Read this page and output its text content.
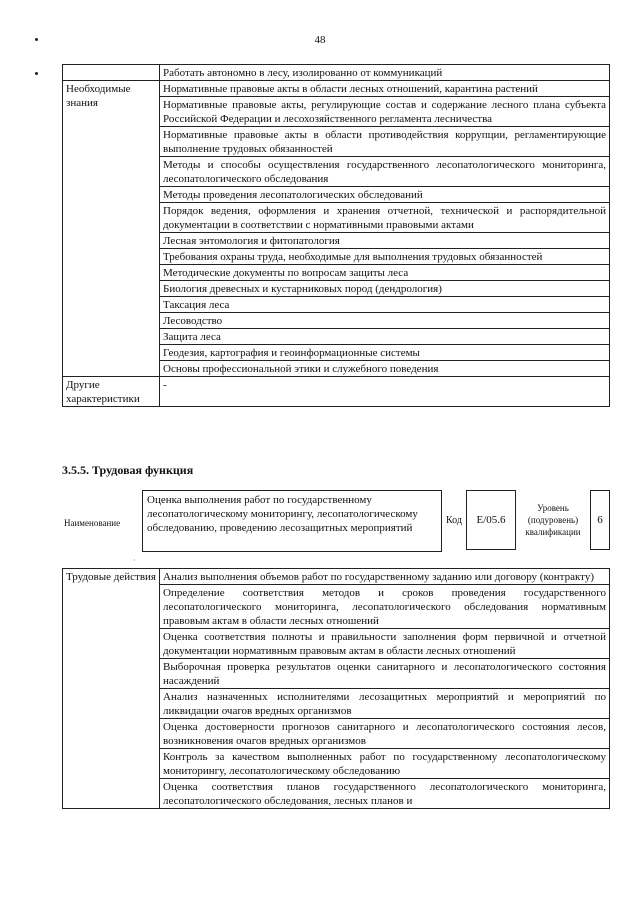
48
	Работать автономно в лесу, изолированно от коммуникаций
Необходимые знания	Нормативные правовые акты в области лесных отношений, карантина растений
	Нормативные правовые акты, регулирующие состав и содержание лесного плана субъекта Российской Федерации и лесохозяйственного регламента лесничества
	Нормативные правовые акты в области противодействия коррупции, регламентирующие выполнение трудовых обязанностей
	Методы и способы осуществления государственного лесопатологического мониторинга, лесопатологического обследования
	Методы проведения лесопатологических обследований
	Порядок ведения, оформления и хранения отчетной, технической и распорядительной документации в соответствии с нормативными правовыми актами
	Лесная энтомология и фитопатология
	Требования охраны труда, необходимые для выполнения трудовых обязанностей
	Методические документы по вопросам защиты леса
	Биология древесных и кустарниковых пород (дендрология)
	Таксация леса
	Лесоводство
	Защита леса
	Геодезия, картография и геоинформационные системы
	Основы профессиональной этики и служебного поведения
Другие характеристики	-
3.5.5. Трудовая функция
Наименование
Оценка выполнения работ по государственному лесопатологическому мониторингу, лесопатологическому обследованию, проведению лесозащитных мероприятий
Код	E/05.6
Уровень (подуровень) квалификации
6
·
Трудовые действия	Анализ выполнения объемов работ по государственному заданию или договору (контракту)
Определение соответствия методов и сроков проведения государственного лесопатологического мониторинга, лесопатологического обследования нормативным правовым актам в области лесных отношений
Оценка соответствия полноты и правильности заполнения форм первичной и отчетной документации нормативным правовым актам в области лесных отношений
Выборочная проверка результатов оценки санитарного и лесопатологического состояния насаждений
Анализ назначенных исполнителями лесозащитных мероприятий и мероприятий по ликвидации очагов вредных организмов
Оценка достоверности прогнозов санитарного и лесопатологического состояния лесов, возникновения очагов вредных организмов
Контроль за качеством выполненных работ по государственному лесопатологическому мониторингу, лесопатологическому обследованию
Оценка соответствия планов государственного лесопатологического мониторинга, лесопатологического обследования, лесных планов и
